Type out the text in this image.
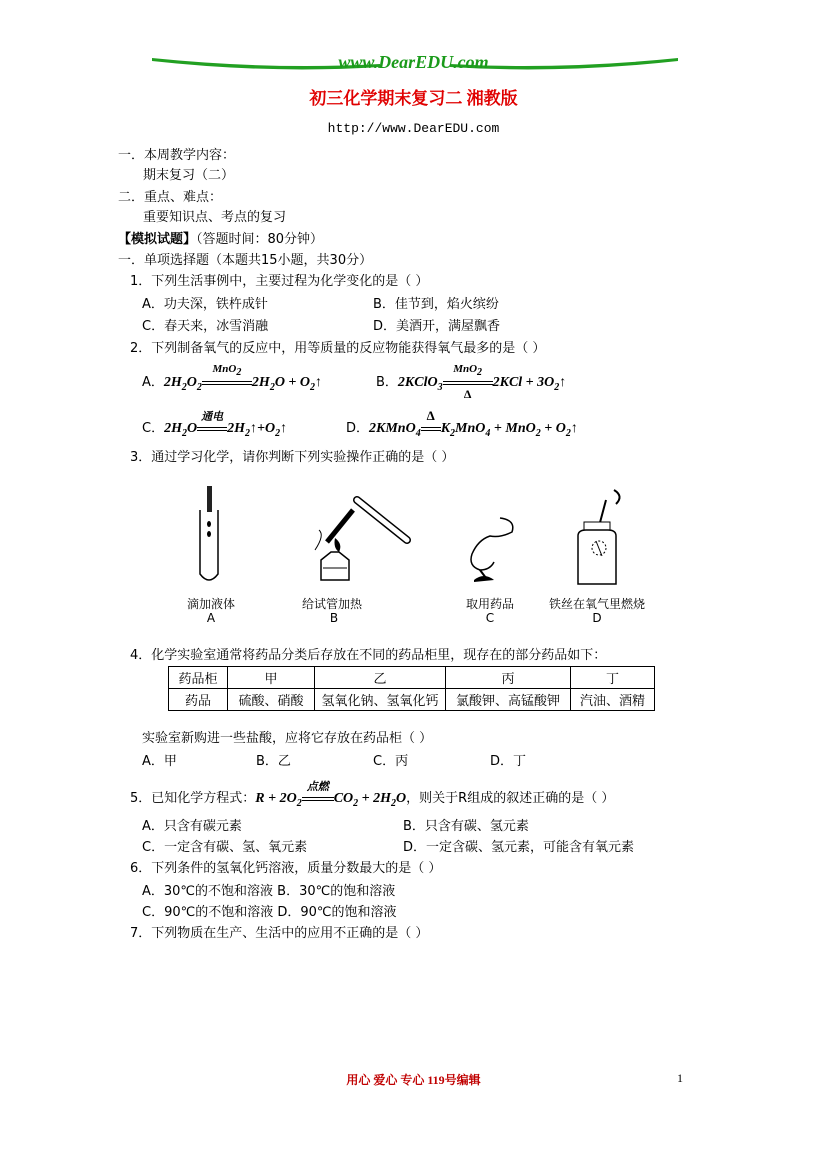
www.DearEDU.com
初三化学期末复习二 湘教版
http://www.DearEDU.com
一．本周教学内容：
期末复习（二）
二．重点、难点：
重要知识点、考点的复习
【模拟试题】（答题时间：80分钟）
一．单项选择题（本题共15小题，共30分）
1．下列生活事例中，主要过程为化学变化的是（ ）
A．功夫深，铁杵成针	B．佳节到，焰火缤纷
C．春天来，冰雪消融	D．美酒开，满屋飘香
2．下列制备氧气的反应中，用等质量的反应物能获得氧气最多的是（ ）
A．$2H_2O_2$
MnO$_2$
$2H_2O$ + $O_2↑$	B．2KClO$_3$
MnO$_2$
Δ
$2KCl + 3O_2↑$
C．$2H_2O$
通电
$2H_2↑+O_2↑$	D．2KMnO$_4$
Δ
$K_2MnO_4 + MnO_2$ + $O_2↑$
3．通过学习化学，请你判断下列实验操作正确的是（ ）
滴加液体
A
给试管加热
B
取用药品
C
铁丝在氧气里燃烧
D
4．化学实验室通常将药品分类后存放在不同的药品柜里，现存在的部分药品如下：
药品柜	甲	乙	丙	丁
药品	硫酸、硝酸	氢氧化钠、氢氧化钙	氯酸钾、高锰酸钾	汽油、酒精
实验室新购进一些盐酸，应将它存放在药品柜（ ）
A．甲	B．乙	C．丙	D．丁
5．已知化学方程式：$R + 2O_2$
点燃
$CO_2 + 2H_2O$，则关于R组成的叙述正确的是（ ）
A．只含有碳元素	B．只含有碳、氢元素
C．一定含有碳、氢、氧元素	D．一定含碳、氢元素，可能含有氧元素
6．下列条件的氢氧化钙溶液，质量分数最大的是（ ）
A．30℃的不饱和溶液 B．30℃的饱和溶液
C．90℃的不饱和溶液 D．90℃的饱和溶液
7．下列物质在生产、生活中的应用不正确的是（ ）
用心 爱心 专心 119号编辑	1
